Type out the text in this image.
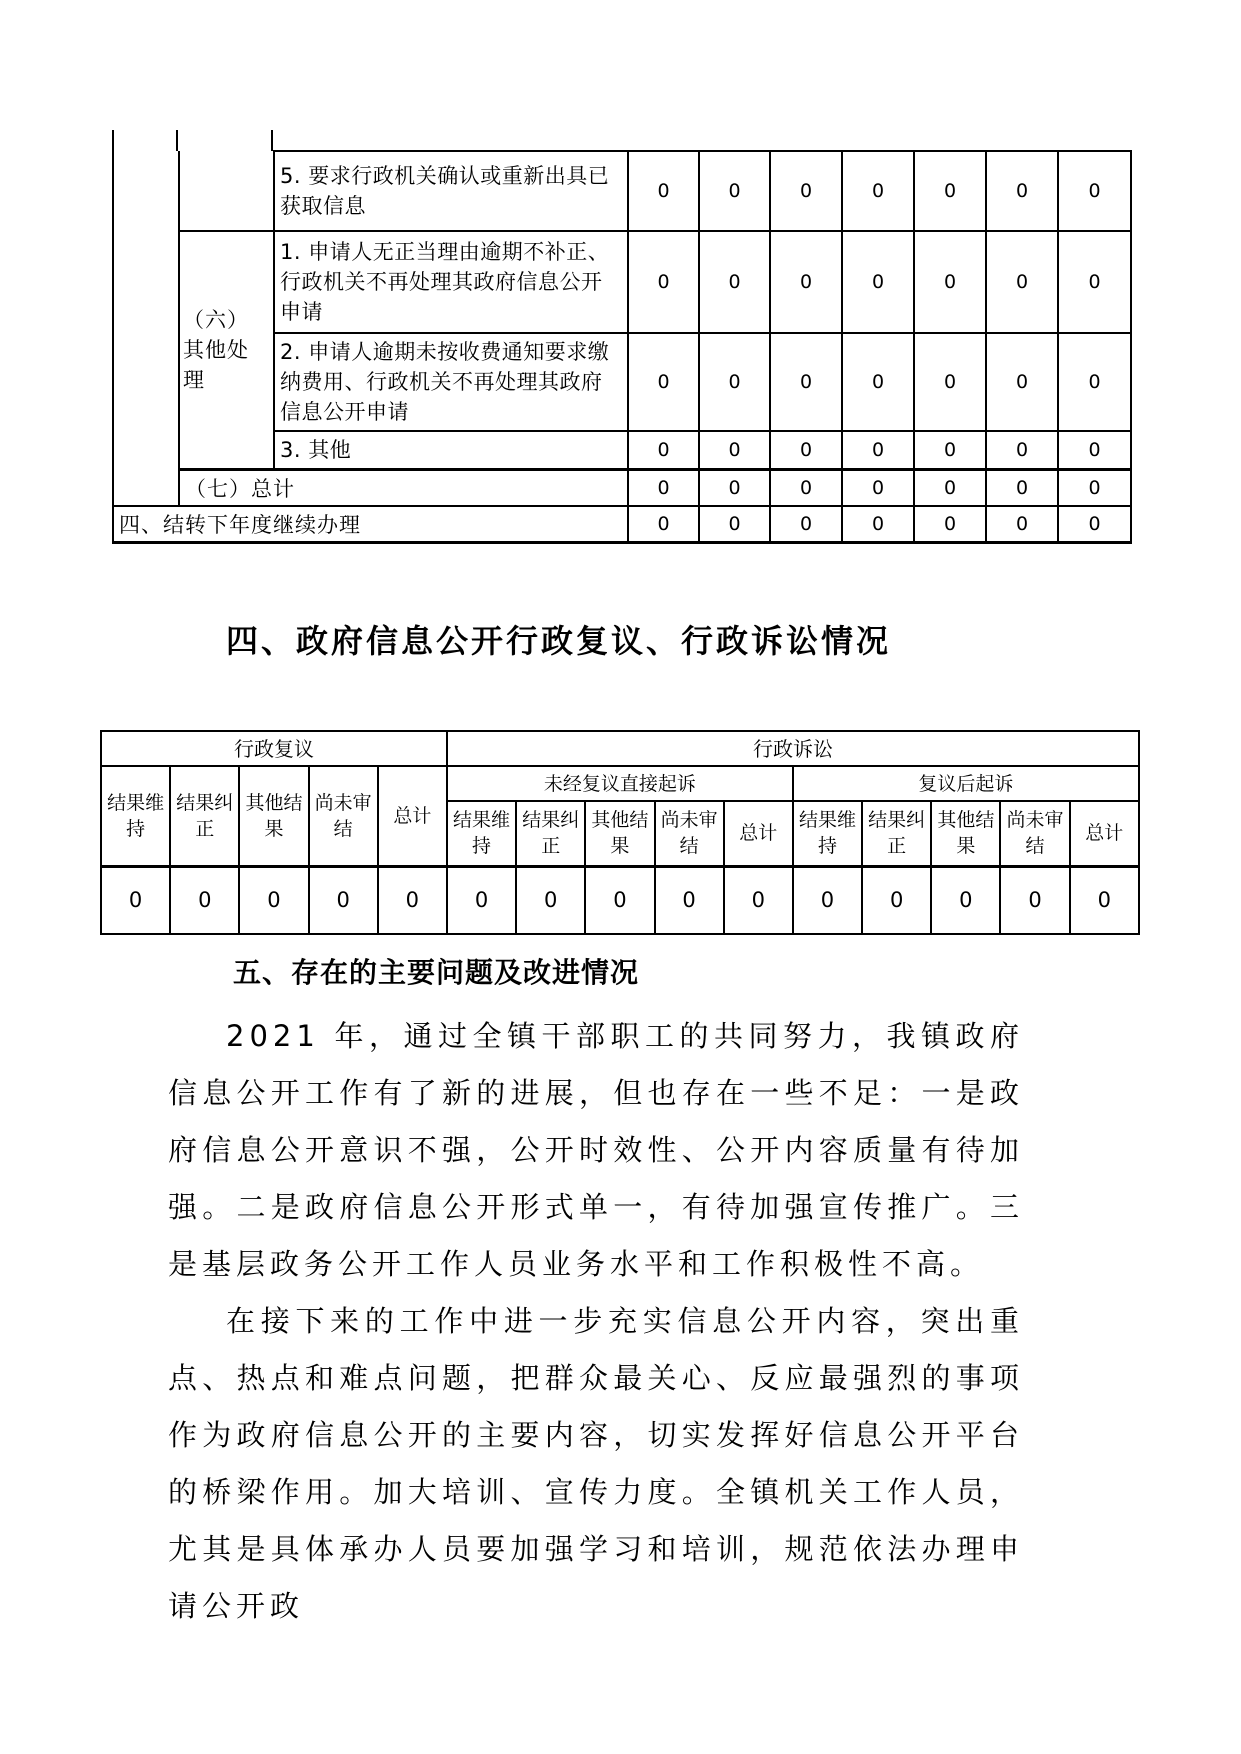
		5. 要求行政机关确认或重新出具已获取信息	0	0	0	0	0	0	0
	（六）其他处理	1. 申请人无正当理由逾期不补正、行政机关不再处理其政府信息公开申请	0	0	0	0	0	0	0
		2. 申请人逾期未按收费通知要求缴纳费用、行政机关不再处理其政府信息公开申请	0	0	0	0	0	0	0
		3. 其他	0	0	0	0	0	0	0
	（七）总计		0	0	0	0	0	0	0
四、结转下年度继续办理			0	0	0	0	0	0	0
四、政府信息公开行政复议、行政诉讼情况
行政复议					行政诉讼									
结果维持	结果纠正	其他结果	尚未审结	总计	未经复议直接起诉					复议后起诉				
					结果维持	结果纠正	其他结果	尚未审结	总计	结果维持	结果纠正	其他结果	尚未审结	总计
0	0	0	0	0	0	0	0	0	0	0	0	0	0	0
五、存在的主要问题及改进情况

2021 年，通过全镇干部职工的共同努力，我镇政府信息公开工作有了新的进展，但也存在一些不足：一是政府信息公开意识不强，公开时效性、公开内容质量有待加强。二是政府信息公开形式单一，有待加强宣传推广。三是基层政务公开工作人员业务水平和工作积极性不高。

在接下来的工作中进一步充实信息公开内容，突出重点、热点和难点问题，把群众最关心、反应最强烈的事项作为政府信息公开的主要内容，切实发挥好信息公开平台的桥梁作用。加大培训、宣传力度。全镇机关工作人员，尤其是具体承办人员要加强学习和培训，规范依法办理申请公开政
